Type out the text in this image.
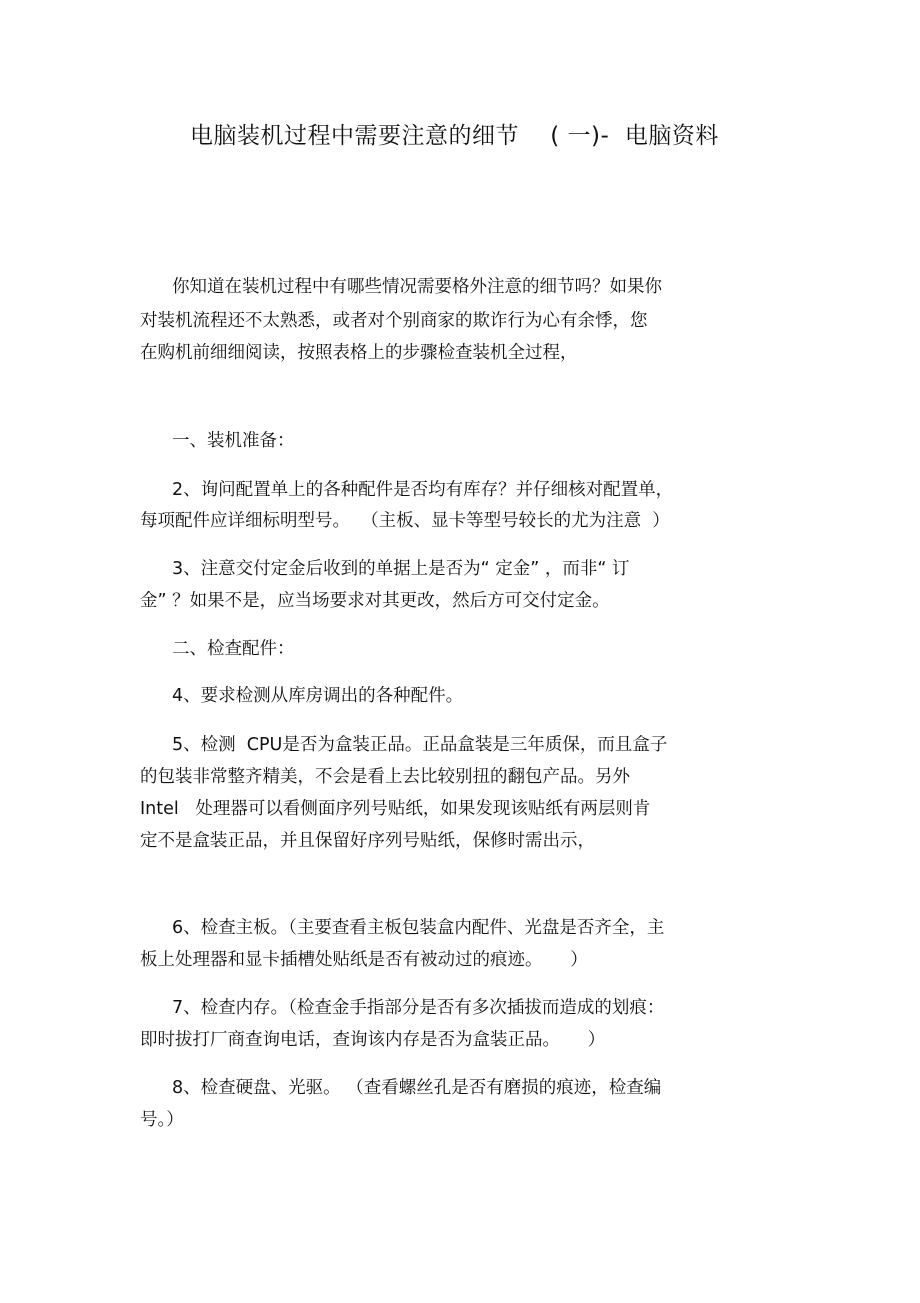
电脑装机过程中需要注意的细节    ( 一)-  电脑资料
你知道在装机过程中有哪些情况需要格外注意的细节吗？如果你
对装机流程还不太熟悉，或者对个别商家的欺诈行为心有余悸，您
在购机前细细阅读，按照表格上的步骤检查装机全过程，
一、装机准备：
2、询问配置单上的各种配件是否均有库存？并仔细核对配置单，
每项配件应详细标明型号。  （主板、显卡等型号较长的尤为注意  ）
3、注意交付定金后收到的单据上是否为“ 定金” ，而非“ 订
金” ？如果不是，应当场要求对其更改，然后方可交付定金。
二、检查配件：
4、要求检测从库房调出的各种配件。
5、检测  CPU是否为盒装正品。正品盒装是三年质保，而且盒子
的包装非常整齐精美，不会是看上去比较别扭的翻包产品。另外
Intel   处理器可以看侧面序列号贴纸，如果发现该贴纸有两层则肯
定不是盒装正品，并且保留好序列号贴纸，保修时需出示，
6、检查主板。（主要查看主板包装盒内配件、光盘是否齐全，主
板上处理器和显卡插槽处贴纸是否有被动过的痕迹。     ）
7、检查内存。（检查金手指部分是否有多次插拔而造成的划痕：
即时拔打厂商查询电话，查询该内存是否为盒装正品。     ）
8、检查硬盘、光驱。 （查看螺丝孔是否有磨损的痕迹，检查编
号。）
